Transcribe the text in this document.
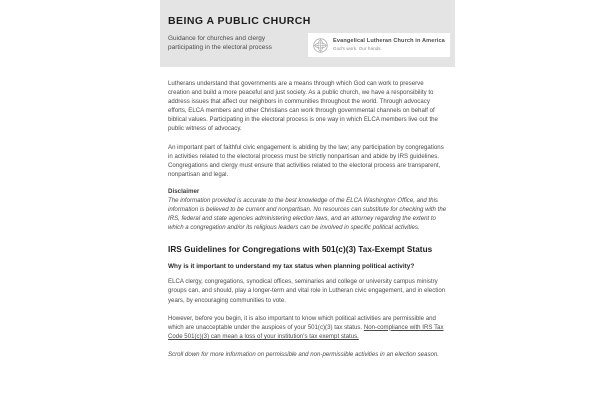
BEING A PUBLIC CHURCH
Guidance for churches and clergy
participating in the electoral process
Evangelical Lutheran Church in America
God's work. Our hands.

Lutherans understand that governments are a means through which God can work to preserve creation and build a more peaceful and just society. As a public church, we have a responsibility to address issues that affect our neighbors in communities throughout the world. Through advocacy efforts, ELCA members and other Christians can work through governmental channels on behalf of biblical values. Participating in the electoral process is one way in which ELCA members live out the public witness of advocacy.

An important part of faithful civic engagement is abiding by the law; any participation by congregations in activities related to the electoral process must be strictly nonpartisan and abide by IRS guidelines. Congregations and clergy must ensure that activities related to the electoral process are transparent, nonpartisan and legal.

Disclaimer

The information provided is accurate to the best knowledge of the ELCA Washington Office, and this information is believed to be current and nonpartisan. No resources can substitute for checking with the IRS, federal and state agencies administering election laws, and an attorney regarding the extent to which a congregation and/or its religious leaders can be involved in specific political activities.

IRS Guidelines for Congregations with 501(c)(3) Tax-Exempt Status
Why is it important to understand my tax status when planning political activity?

ELCA clergy, congregations, synodical offices, seminaries and college or university campus ministry groups can, and should, play a longer-term and vital role in Lutheran civic engagement, and in election years, by encouraging communities to vote.

However, before you begin, it is also important to know which political activities are permissible and which are unacceptable under the auspices of your 501(c)(3) tax status. Non-compliance with IRS Tax Code 501(c)(3) can mean a loss of your institution's tax exempt status.

Scroll down for more information on permissible and non-permissible activities in an election season.
